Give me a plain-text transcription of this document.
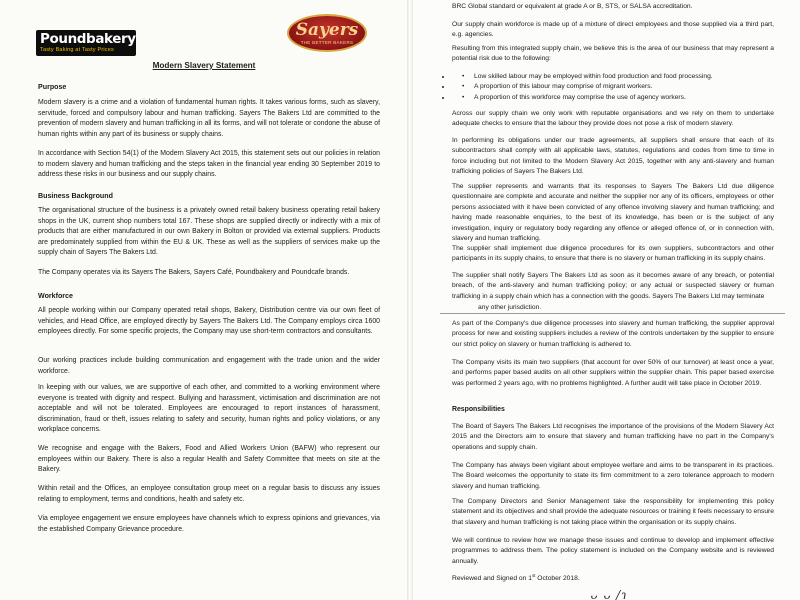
Poundbakery
Tasty Baking at Tasty Prices
Sayers
THE BETTER BAKERS
Modern Slavery Statement
Purpose

Modern slavery is a crime and a violation of fundamental human rights. It takes various forms, such as slavery, servitude, forced and compulsory labour and human trafficking. Sayers The Bakers Ltd are committed to the prevention of modern slavery and human trafficking in all its forms, and will not tolerate or condone the abuse of human rights within any part of its business or supply chains.

In accordance with Section 54(1) of the Modern Slavery Act 2015, this statement sets out our policies in relation to modern slavery and human trafficking and the steps taken in the financial year ending 30 September 2019 to address these risks in our business and our supply chains.

Business Background

The organisational structure of the business is a privately owned retail bakery business operating retail bakery shops in the UK, current shop numbers total 167. These shops are supplied directly or indirectly with a mix of products that are either manufactured in our own Bakery in Bolton or provided via external suppliers. Products are predominately supplied from within the EU & UK. These as well as the suppliers of services make up the supply chain of Sayers The Bakers Ltd.

The Company operates via its Sayers The Bakers, Sayers Café, Poundbakery and Poundcafe brands.

Workforce

All people working within our Company operated retail shops, Bakery, Distribution centre via our own fleet of vehicles, and Head Office, are employed directly by Sayers The Bakers Ltd. The Company employs circa 1600 employees directly. For some specific projects, the Company may use short-term contractors and consultants.

Our working practices include building communication and engagement with the trade union and the wider workforce.

In keeping with our values, we are supportive of each other, and committed to a working environment where everyone is treated with dignity and respect. Bullying and harassment, victimisation and discrimination are not acceptable and will not be tolerated. Employees are encouraged to report instances of harassment, discrimination, fraud or theft, issues relating to safety and security, human rights and policy violations, or any workplace concerns.

We recognise and engage with the Bakers, Food and Allied Workers Union (BAFW) who represent our employees within our Bakery. There is also a regular Health and Safety Committee that meets on site at the Bakery.

Within retail and the Offices, an employee consultation group meet on a regular basis to discuss any issues relating to employment, terms and conditions, health and safety etc.

Via employee engagement we ensure employees have channels which to express opinions and grievances, via the established Company Grievance procedure.

BRC Global standard or equivalent at grade A or B, STS, or SALSA accreditation.

Our supply chain workforce is made up of a mixture of direct employees and those supplied via a third part, e.g. agencies.

Resulting from this integrated supply chain, we believe this is the area of our business that may represent a potential risk due to the following:

• • Low skilled labour may be employed within food production and food processing.
• • A proportion of this labour may comprise of migrant workers.
• • A proportion of this workforce may comprise the use of agency workers.

Across our supply chain we only work with reputable organisations and we rely on them to undertake adequate checks to ensure that the labour they provide does not pose a risk of modern slavery.

In performing its obligations under our trade agreements, all suppliers shall ensure that each of its subcontractors shall comply with all applicable laws, statutes, regulations and codes from time to time in force including but not limited to the Modern Slavery Act 2015, together with any anti-slavery and human trafficking policies of Sayers The Bakers Ltd.

The supplier represents and warrants that its responses to Sayers The Bakers Ltd due diligence questionnaire are complete and accurate and neither the supplier nor any of its officers, employees or other persons associated with it have been convicted of any offence involving slavery and human trafficking; and having made reasonable enquiries, to the best of its knowledge, has been or is the subject of any investigation, inquiry or regulatory body regarding any offence or alleged offence of, or in connection with, slavery and human trafficking.

The supplier shall implement due diligence procedures for its own suppliers, subcontractors and other participants in its supply chains, to ensure that there is no slavery or human trafficking in its supply chains.

The supplier shall notify Sayers The Bakers Ltd as soon as it becomes aware of any breach, or potential breach, of the anti-slavery and human trafficking policy; or any actual or suspected slavery or human trafficking in a supply chain which has a connection with the goods. Sayers The Bakers Ltd may terminate

any other jurisdiction.

As part of the Company's due diligence processes into slavery and human trafficking, the supplier approval process for new and existing suppliers includes a review of the controls undertaken by the supplier to ensure our strict policy on slavery or human trafficking is adhered to.

The Company visits its main two suppliers (that account for over 50% of our turnover) at least once a year, and performs paper based audits on all other suppliers within the supplier chain. This paper based exercise was performed 2 years ago, with no problems highlighted. A further audit will take place in October 2019.

Responsibilities

The Board of Sayers The Bakers Ltd recognises the importance of the provisions of the Modern Slavery Act 2015 and the Directors aim to ensure that slavery and human trafficking have no part in the Company's operations and supply chain.

The Company has always been vigilant about employee welfare and aims to be transparent in its practices. The Board welcomes the opportunity to state its firm commitment to a zero tolerance approach to modern slavery and human trafficking.

The Company Directors and Senior Management take the responsibility for implementing this policy statement and its objectives and shall provide the adequate resources or training it feels necessary to ensure that slavery and human trafficking is not taking place within the organisation or its supply chains.

We will continue to review how we manage these issues and continue to develop and implement effective programmes to address them. The policy statement is included on the Company website and is reviewed annually.

Reviewed and Signed on 1st October 2018.

ᴗ ᴗ /ɿ
